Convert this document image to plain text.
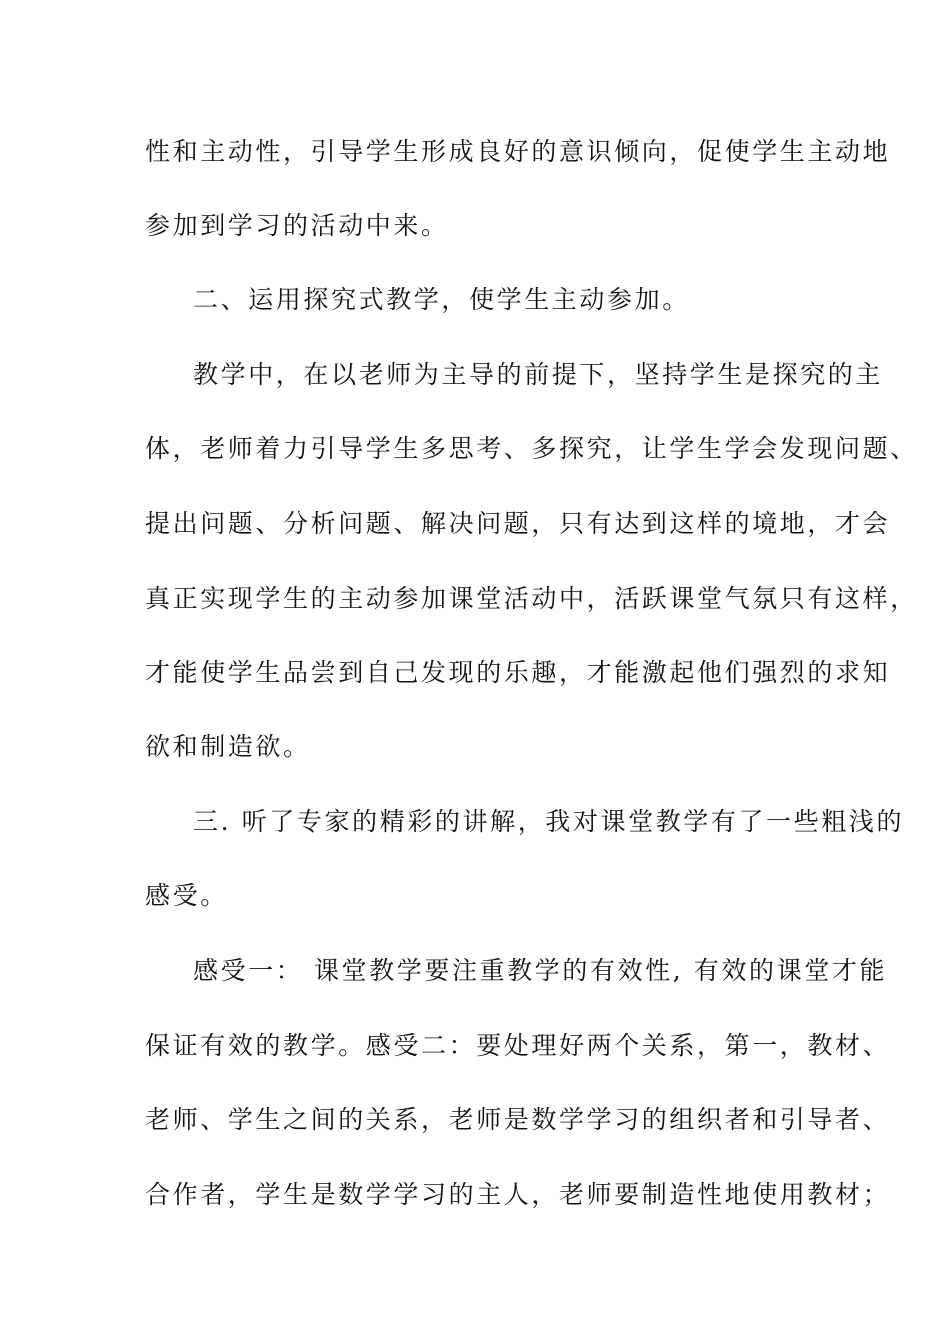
性和主动性，引导学生形成良好的意识倾向，促使学生主动地
参加到学习的活动中来。
二、运用探究式教学，使学生主动参加。
教学中，在以老师为主导的前提下，坚持学生是探究的主
体，老师着力引导学生多思考、多探究，让学生学会发现问题、
提出问题、分析问题、解决问题，只有达到这样的境地，才会
真正实现学生的主动参加课堂活动中，活跃课堂气氛只有这样，
才能使学生品尝到自己发现的乐趣，才能激起他们强烈的求知
欲和制造欲。
三. 听了专家的精彩的讲解，我对课堂教学有了一些粗浅的
感受。
感受一： 课堂教学要注重教学的有效性, 有效的课堂才能
保证有效的教学。感受二：要处理好两个关系，第一，教材、
老师、学生之间的关系，老师是数学学习的组织者和引导者、
合作者，学生是数学学习的主人，老师要制造性地使用教材；
